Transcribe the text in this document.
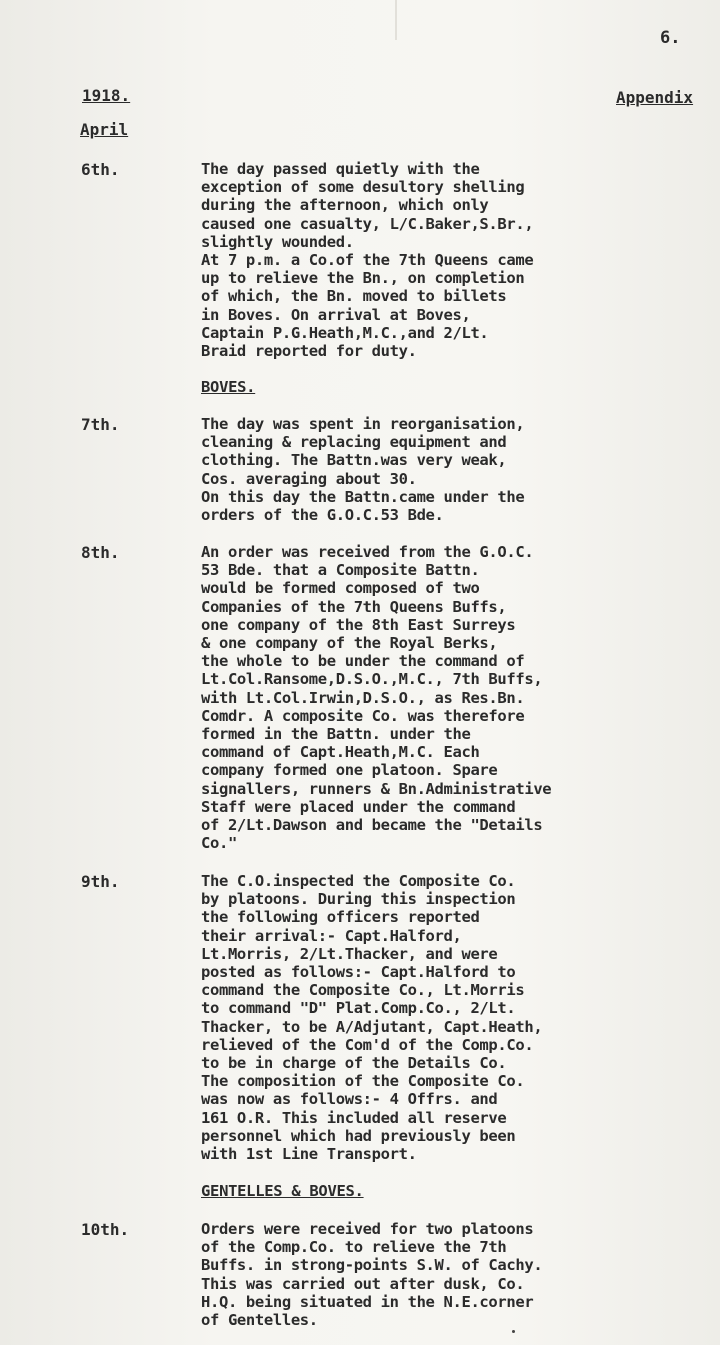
6.
1918.	Appendix
April
6th.	The day passed quietly with the
exception of some desultory shelling
during the afternoon, which only
caused one casualty, L/C.Baker,S.Br.,
slightly wounded.
At 7 p.m. a Co.of the 7th Queens came
up to relieve the Bn., on completion
of which, the Bn. moved to billets
in Boves. On arrival at Boves,
Captain P.G.Heath,M.C.,and 2/Lt.
Braid reported for duty.
BOVES.
7th.	The day was spent in reorganisation,
cleaning & replacing equipment and
clothing. The Battn.was very weak,
Cos. averaging about 30.
On this day the Battn.came under the
orders of the G.O.C.53 Bde.
8th.	An order was received from the G.O.C.
53 Bde. that a Composite Battn.
would be formed composed of two
Companies of the 7th Queens Buffs,
one company of the 8th East Surreys
& one company of the Royal Berks,
the whole to be under the command of
Lt.Col.Ransome,D.S.O.,M.C., 7th Buffs,
with Lt.Col.Irwin,D.S.O., as Res.Bn.
Comdr. A composite Co. was therefore
formed in the Battn. under the
command of Capt.Heath,M.C. Each
company formed one platoon. Spare
signallers, runners & Bn.Administrative
Staff were placed under the command
of 2/Lt.Dawson and became the "Details
Co."
9th.	The C.O.inspected the Composite Co.
by platoons. During this inspection
the following officers reported
their arrival:- Capt.Halford,
Lt.Morris, 2/Lt.Thacker, and were
posted as follows:- Capt.Halford to
command the Composite Co., Lt.Morris
to command "D" Plat.Comp.Co., 2/Lt.
Thacker, to be A/Adjutant, Capt.Heath,
relieved of the Com'd of the Comp.Co.
to be in charge of the Details Co.
The composition of the Composite Co.
was now as follows:- 4 Offrs. and
161 O.R. This included all reserve
personnel which had previously been
with 1st Line Transport.
GENTELLES & BOVES.
10th.	Orders were received for two platoons
of the Comp.Co. to relieve the 7th
Buffs. in strong-points S.W. of Cachy.
This was carried out after dusk, Co.
H.Q. being situated in the N.E.corner
of Gentelles.
